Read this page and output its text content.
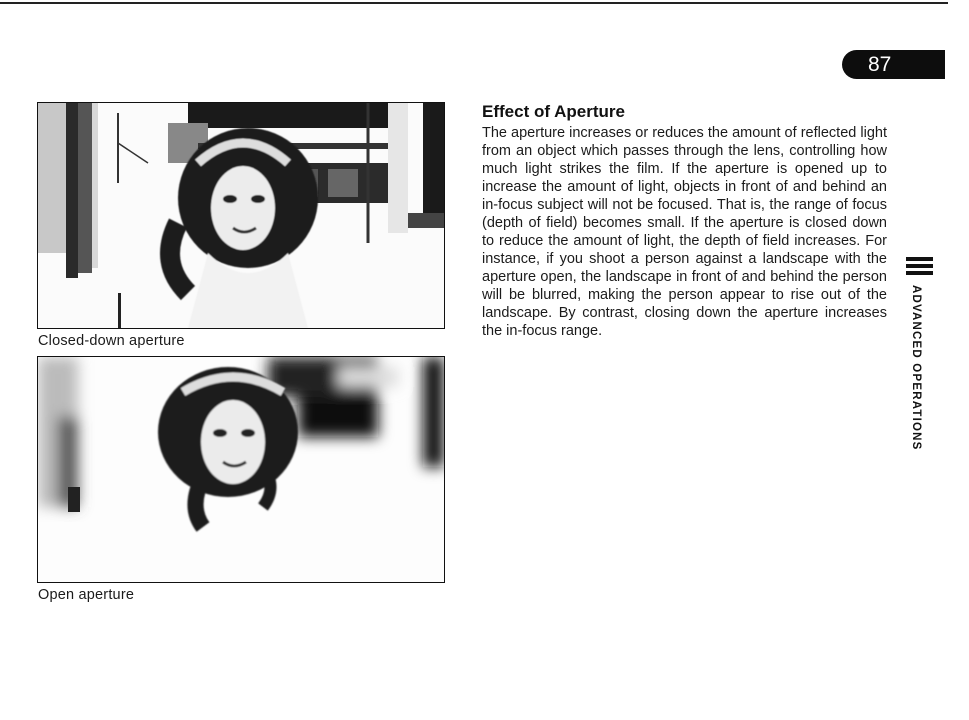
87
Closed-down aperture
Open aperture
Effect of Aperture
The aperture increases or reduces the amount of reflected light from an object which passes through the lens, controlling how much light strikes the film. If the aperture is opened up to increase the amount of light, objects in front of and behind an in-focus subject will not be focused. That is, the range of focus (depth of field) becomes small. If the aperture is closed down to reduce the amount of light, the depth of field increases. For instance, if you shoot a person against a landscape with the aperture open, the landscape in front of and behind the person will be blurred, making the person appear to rise out of the landscape. By contrast, closing down the aperture increases the in-focus range.	ADVANCED OPERATIONS
